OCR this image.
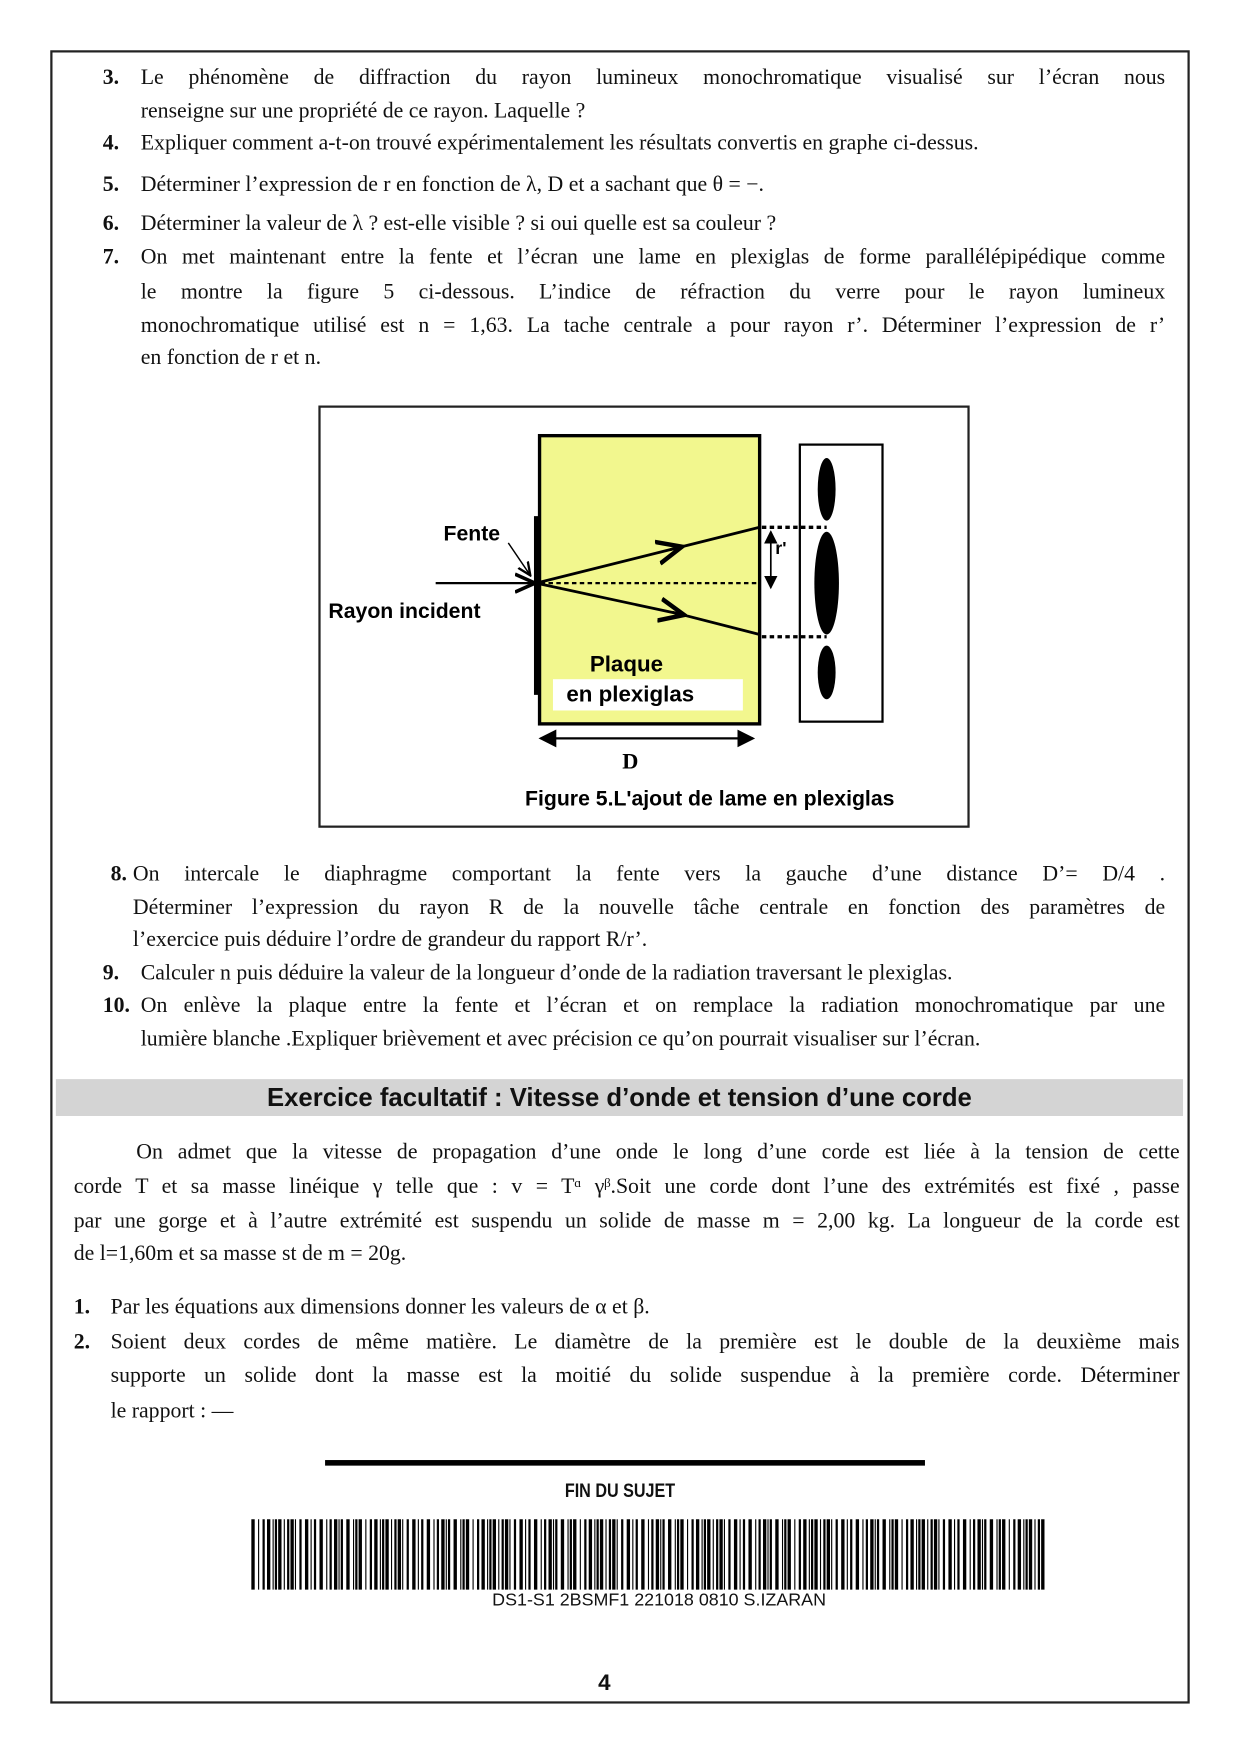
3. Le phénomène de diffraction du rayon lumineux monochromatique visualisé sur l’écran nous
renseigne sur une propriété de ce rayon. Laquelle ?
4. Expliquer comment a-t-on trouvé expérimentalement les résultats convertis en graphe ci-dessus.
5. Déterminer l’expression de r en fonction de λ, D et a sachant que θ = −.
6. Déterminer la valeur de λ ? est-elle visible ? si oui quelle est sa couleur ?
7. On met maintenant entre la fente et l’écran une lame en plexiglas de forme parallélépipédique comme
le montre la figure 5 ci-dessous. L’indice de réfraction du verre pour le rayon lumineux
monochromatique utilisé est n = 1,63. La tache centrale a pour rayon r’. Déterminer l’expression de r’
en fonction de r et n.
8. On intercale le diaphragme comportant la fente vers la gauche d’une distance D’= D/4 .
Déterminer l’expression du rayon R de la nouvelle tâche centrale en fonction des paramètres de
l’exercice puis déduire l’ordre de grandeur du rapport R/r’.
9. Calculer n puis déduire la valeur de la longueur d’onde de la radiation traversant le plexiglas.
10. On enlève la plaque entre la fente et l’écran et on remplace la radiation monochromatique par une
lumière blanche .Expliquer brièvement et avec précision ce qu’on pourrait visualiser sur l’écran.
On admet que la vitesse de propagation d’une onde le long d’une corde est liée à la tension de cette
corde T et sa masse linéique γ telle que : v = Tᵅ γᵝ.Soit une corde dont l’une des extrémités est fixé , passe
par une gorge et à l’autre extrémité est suspendu un solide de masse m = 2,00 kg. La longueur de la corde est
de l=1,60m et sa masse st de m = 20g.
1. Par les équations aux dimensions donner les valeurs de α et β.
2. Soient deux cordes de même matière. Le diamètre de la première est le double de la deuxième mais
supporte un solide dont la masse est la moitié du solide suspendue à la première corde. Déterminer
le rapport : —
Fente
Rayon incident
Plaque
en plexiglas
r'
D
Figure 5.L'ajout de lame en plexiglas
Exercice facultatif : Vitesse d’onde et tension d’une corde
FIN DU SUJET
DS1-S1 2BSMF1 221018 0810 S.IZARAN
4
